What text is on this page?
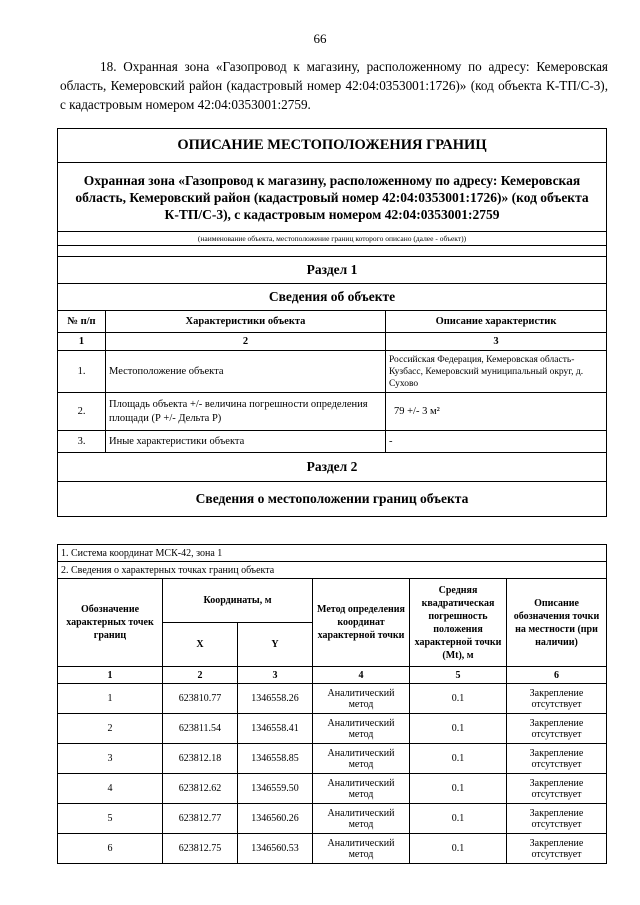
66
18. Охранная зона «Газопровод к магазину, расположенному по адресу: Кемеровская область, Кемеровский район (кадастровый номер 42:04:0353001:1726)» (код объекта К-ТП/С-3), с кадастровым номером 42:04:0353001:2759.
ОПИСАНИЕ МЕСТОПОЛОЖЕНИЯ ГРАНИЦ		
Охранная зона «Газопровод к магазину, расположенному по адресу: Кемеровская область, Кемеровский район (кадастровый номер 42:04:0353001:1726)» (код объекта К-ТП/С-3), с кадастровым номером 42:04:0353001:2759		
(наименование объекта, местоположение границ которого описано (далее - объект))		

Раздел 1		
Сведения об объекте		
№ п/п	Характеристики объекта	Описание характеристик
1	2	3
1.	Местоположение объекта	Российская Федерация, Кемеровская область-Кузбасс, Кемеровский муниципальный округ, д. Сухово
2.	Площадь объекта +/- величина погрешности определения площади (Р +/- Дельта Р)	79 +/- 3 м²
3.	Иные характеристики объекта	-
Раздел 2		
Сведения о местоположении границ объекта		
1. Система координат МСК-42, зона 1					
2. Сведения о характерных точках границ объекта					
Обозначение характерных точек границ	Координаты, м		Метод определения координат характерной точки	Средняя квадратическая погрешность положения характерной точки (Mt), м	Описание обозначения точки на местности (при наличии)
	X	Y			
1	2	3	4	5	6
1	623810.77	1346558.26	Аналитический метод	0.1	Закрепление отсутствует
2	623811.54	1346558.41	Аналитический метод	0.1	Закрепление отсутствует
3	623812.18	1346558.85	Аналитический метод	0.1	Закрепление отсутствует
4	623812.62	1346559.50	Аналитический метод	0.1	Закрепление отсутствует
5	623812.77	1346560.26	Аналитический метод	0.1	Закрепление отсутствует
6	623812.75	1346560.53	Аналитический метод	0.1	Закрепление отсутствует
